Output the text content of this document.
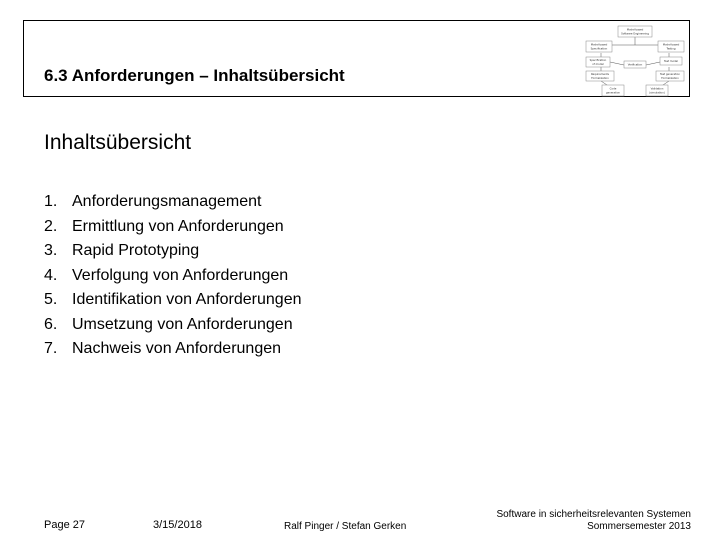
6.3 Anforderungen – Inhaltsübersicht
Model-based
Software Engineering
Model-based
Specification
Model-based
Testing
Specification
of model	Verification
Test model
Requirements
Formalization
Test generation
Formalization
Code
generation
Validation
(simulation)
Inhaltsübersicht
1. Anforderungsmanagement
2. Ermittlung von Anforderungen
3. Rapid Prototyping
4. Verfolgung von Anforderungen
5. Identifikation von Anforderungen
6. Umsetzung von Anforderungen
7. Nachweis von Anforderungen
Page 27	3/15/2018	Ralf Pinger / Stefan Gerken
Software in sicherheitsrelevanten Systemen
Sommersemester 2013
